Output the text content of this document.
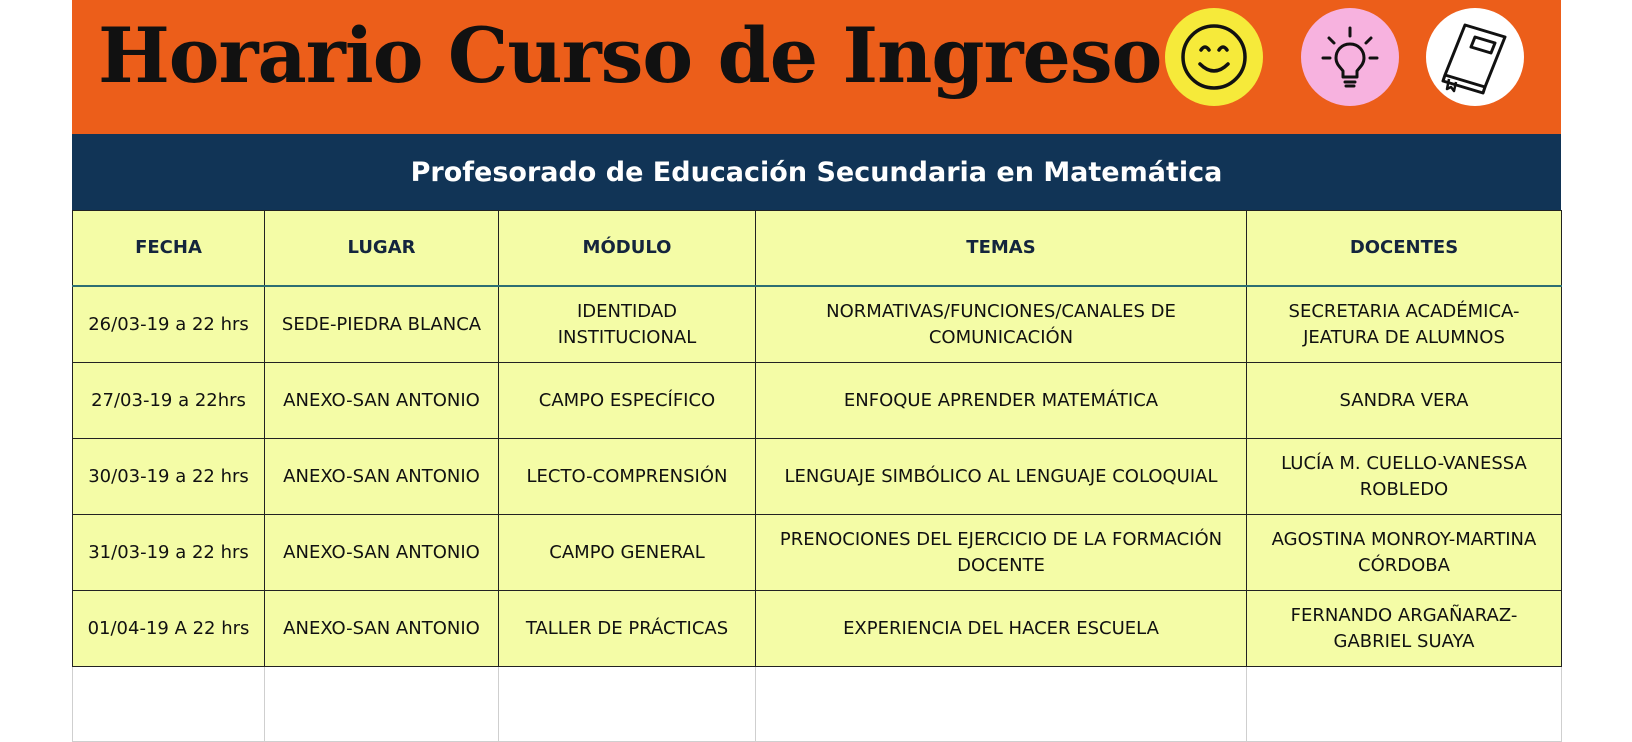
Horario Curso de Ingreso
Profesorado de Educación Secundaria en Matemática
FECHA	LUGAR	MÓDULO	TEMAS	DOCENTES
26/03-19 a 22 hrs	SEDE-PIEDRA BLANCA	IDENTIDAD INSTITUCIONAL	NORMATIVAS/FUNCIONES/CANALES DE COMUNICACIÓN	SECRETARIA ACADÉMICA-JEATURA DE ALUMNOS
27/03-19 a 22hrs	ANEXO-SAN ANTONIO	CAMPO ESPECÍFICO	ENFOQUE APRENDER MATEMÁTICA	SANDRA VERA
30/03-19 a 22 hrs	ANEXO-SAN ANTONIO	LECTO-COMPRENSIÓN	LENGUAJE SIMBÓLICO AL LENGUAJE COLOQUIAL	LUCÍA M. CUELLO-VANESSA ROBLEDO
31/03-19 a 22 hrs	ANEXO-SAN ANTONIO	CAMPO GENERAL	PRENOCIONES DEL EJERCICIO DE LA FORMACIÓN DOCENTE	AGOSTINA MONROY-MARTINA CÓRDOBA
01/04-19 A 22 hrs	ANEXO-SAN ANTONIO	TALLER DE PRÁCTICAS	EXPERIENCIA DEL HACER ESCUELA	FERNANDO ARGAÑARAZ-GABRIEL SUAYA
